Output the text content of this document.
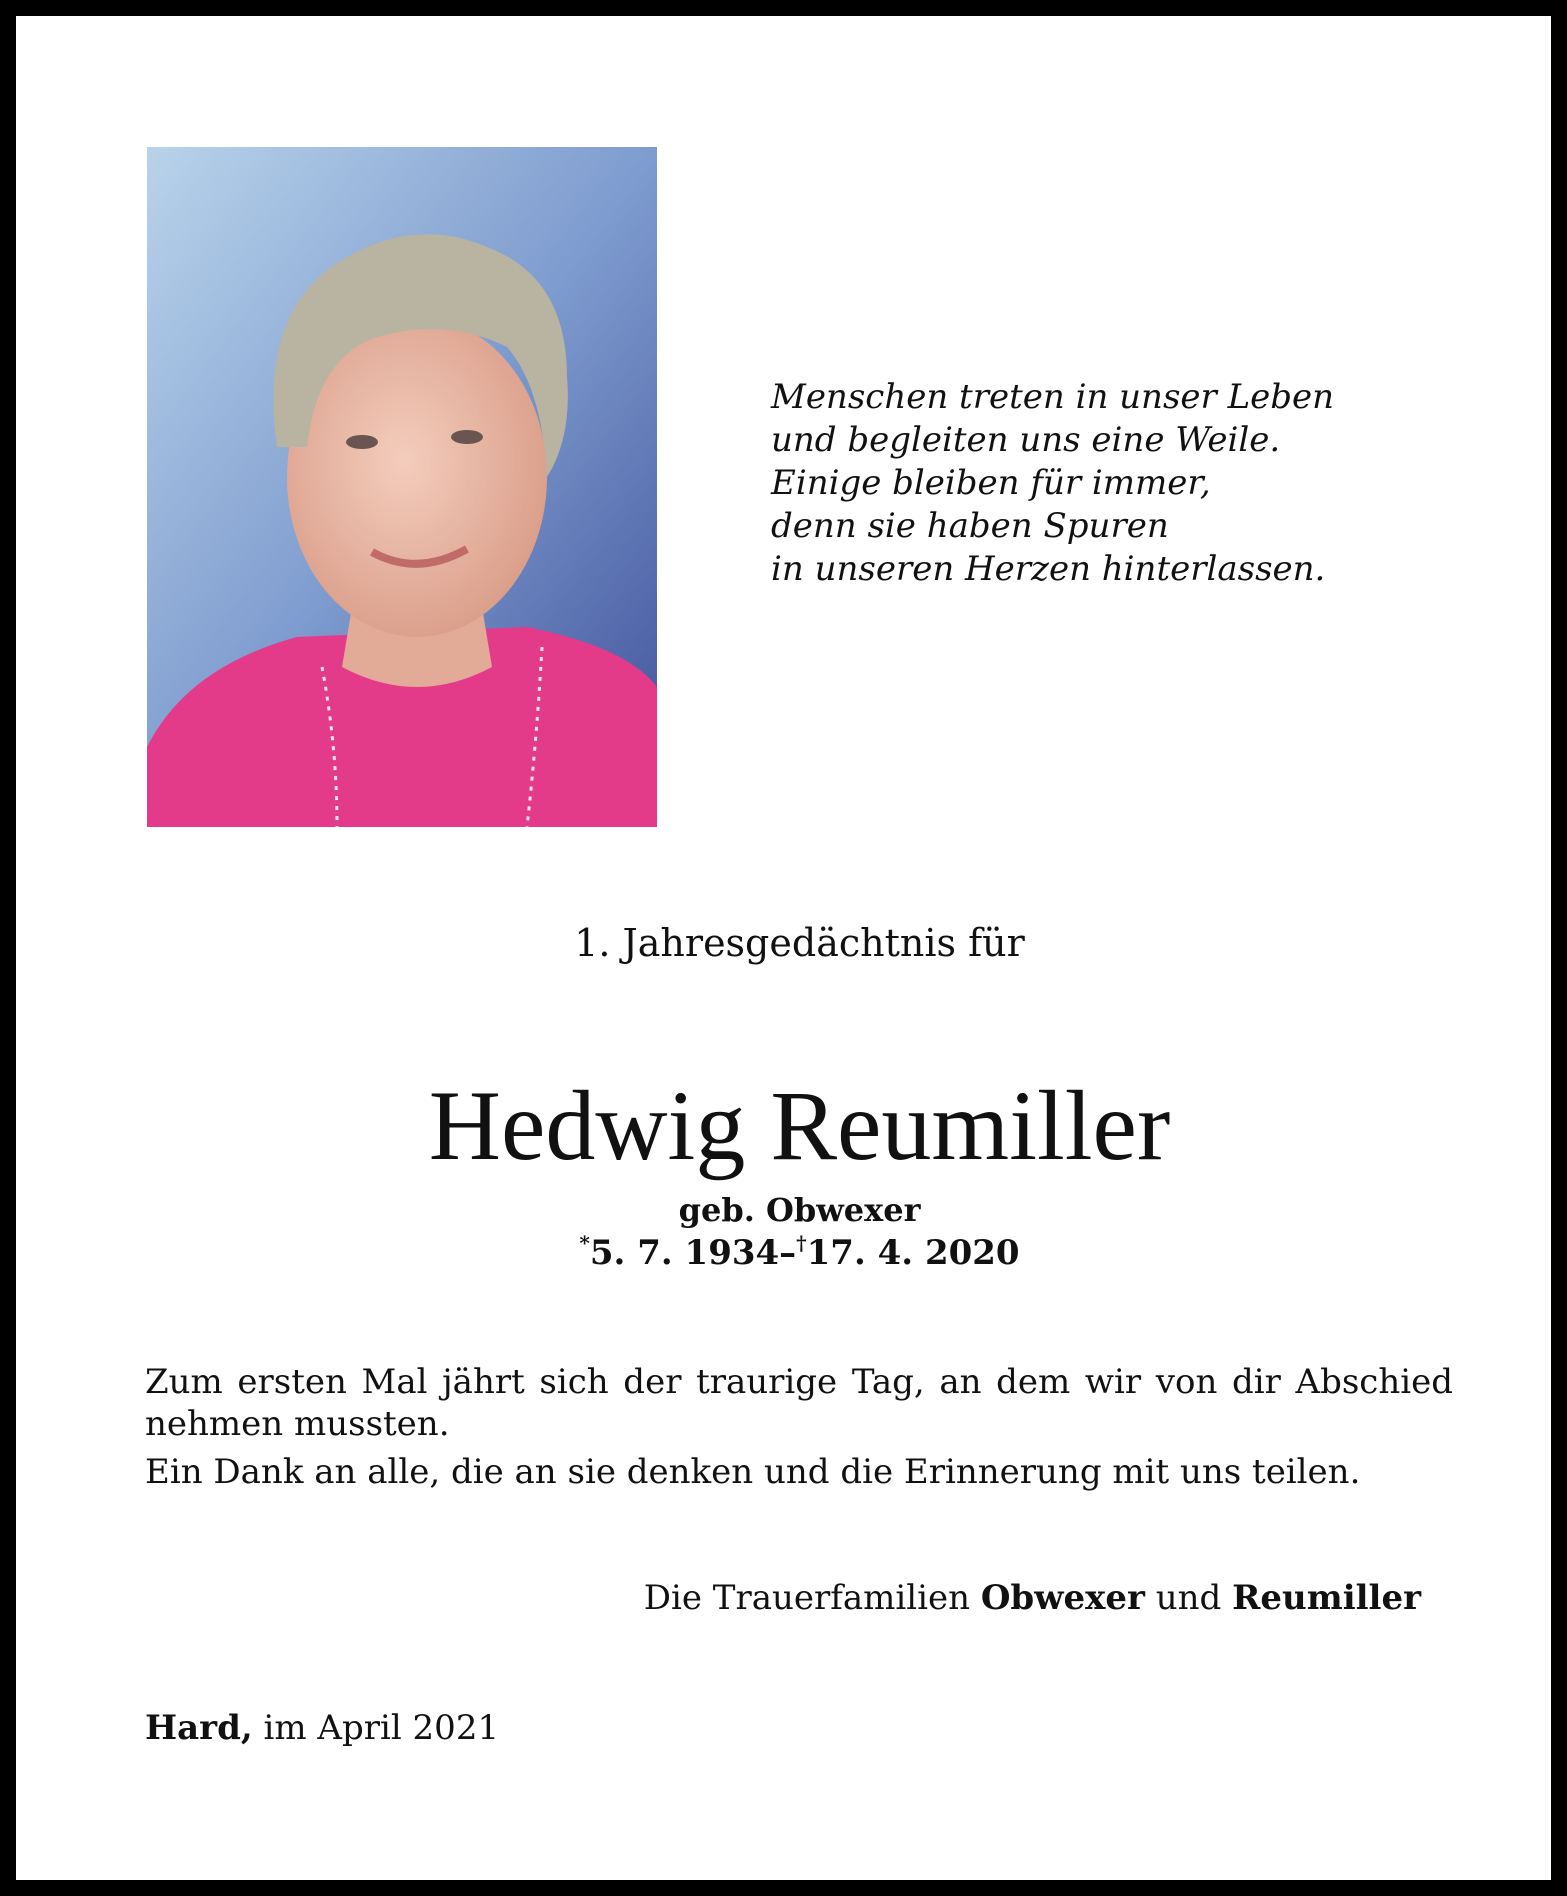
Menschen treten in unser Leben
und begleiten uns eine Weile.
Einige bleiben für immer,
denn sie haben Spuren
in unseren Herzen hinterlassen.
1. Jahresgedächtnis für
Hedwig Reumiller
geb. Obwexer
*5. 7. 1934–†17. 4. 2020

Zum ersten Mal jährt sich der traurige Tag, an dem wir von dir Abschied nehmen mussten.

Ein Dank an alle, die an sie denken und die Erinnerung mit uns teilen.

Die Trauerfamilien Obwexer und Reumiller
Hard, im April 2021
